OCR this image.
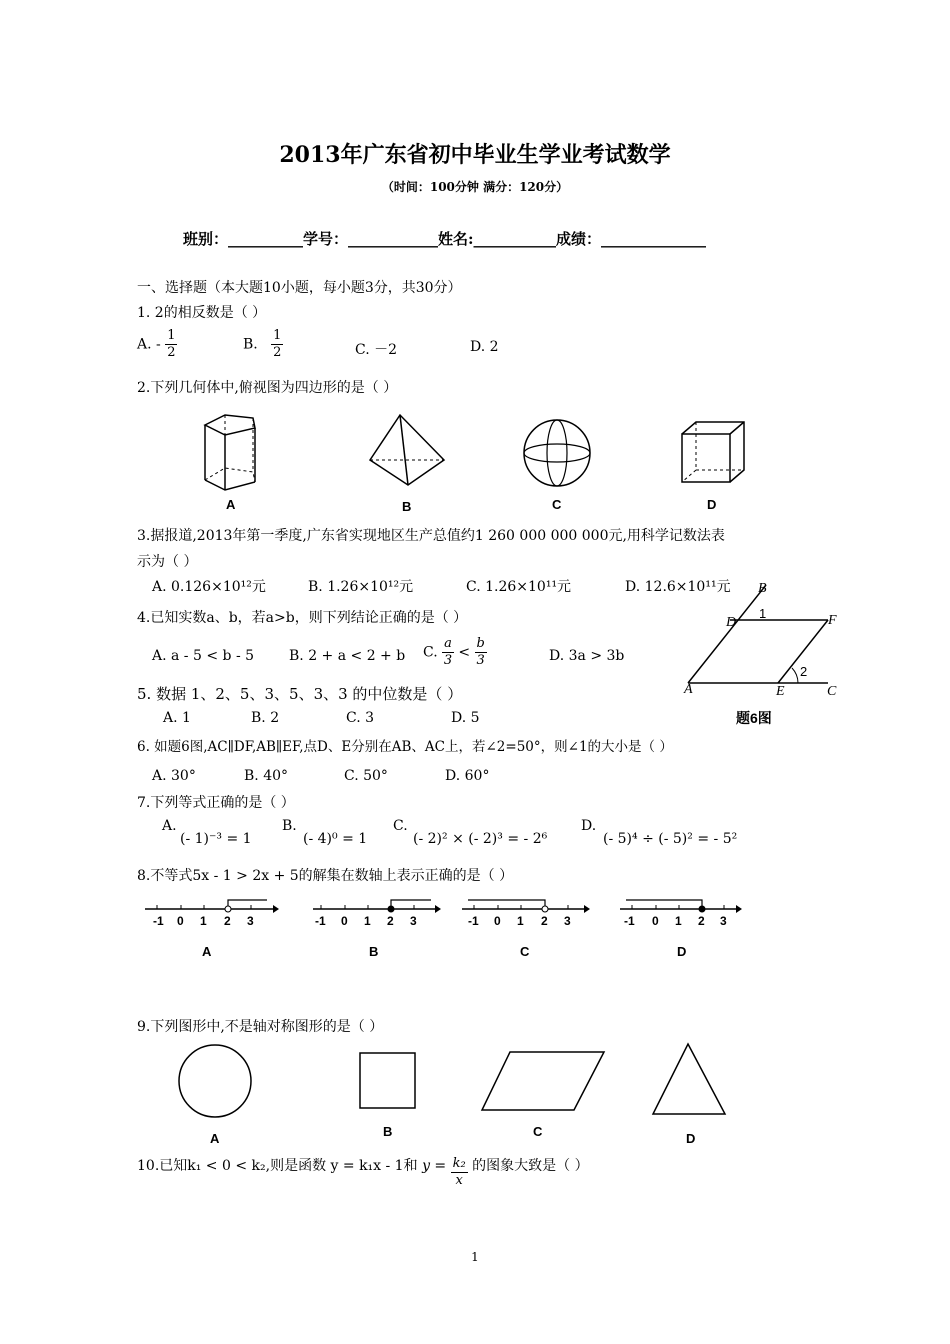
2013年广东省初中毕业生学业考试数学
（时间：100分钟 满分：120分）
班别：__________学号：____________姓名:___________成绩：______________
一、选择题（本大题10小题，每小题3分，共30分）
1. 2的相反数是（ ）
A. - $\frac{1}{2}$	B. $\frac{1}{2}$	C. －2	D. 2
2.下列几何体中,俯视图为四边形的是（ ）
A	B	C	D
3.据报道,2013年第一季度,广东省实现地区生产总值约1 260 000 000 000元,用科学记数法表
示为（ ）
A. 0.126×10¹²元	B. 1.26×10¹²元	C. 1.26×10¹¹元	D. 12.6×10¹¹元
4.已知实数a、b，若a>b，则下列结论正确的是（ ）
A. a - 5 < b - 5 B. 2 + a < 2 + b C. $\frac{a}{3} < \frac{b}{3}$	D. 3a > 3b
B
D
1	F
2
A	E	C
题6图
5. 数据 1、2、5、3、5、3、3 的中位数是（ ）
A. 1	B. 2	C. 3	D. 5
6. 如题6图,AC∥DF,AB∥EF,点D、E分别在AB、AC上，若∠2=50°，则∠1的大小是（ ）
A. 30°	B. 40°	C. 50°	D. 60°
7.下列等式正确的是（ ）
A.
(- 1)⁻³ = 1
B.
(- 4)⁰ = 1
C.
(- 2)² × (- 2)³ = - 2⁶
D.
(- 5)⁴ ÷ (- 5)² = - 5²
8.不等式5x - 1 > 2x + 5的解集在数轴上表示正确的是（ ）
-1 0 1 2 3	-1 0 1 2 3	-1 0 1 2 3	-1 0 1 2 3
A	B	C	D
9.下列图形中,不是轴对称图形的是（ ）
A	B	C	D
10.已知k₁ < 0 < k₂,则是函数 y = k₁x - 1和 $y = \frac{\text{k₂}}{x}$ 的图象大致是（ ）
1
